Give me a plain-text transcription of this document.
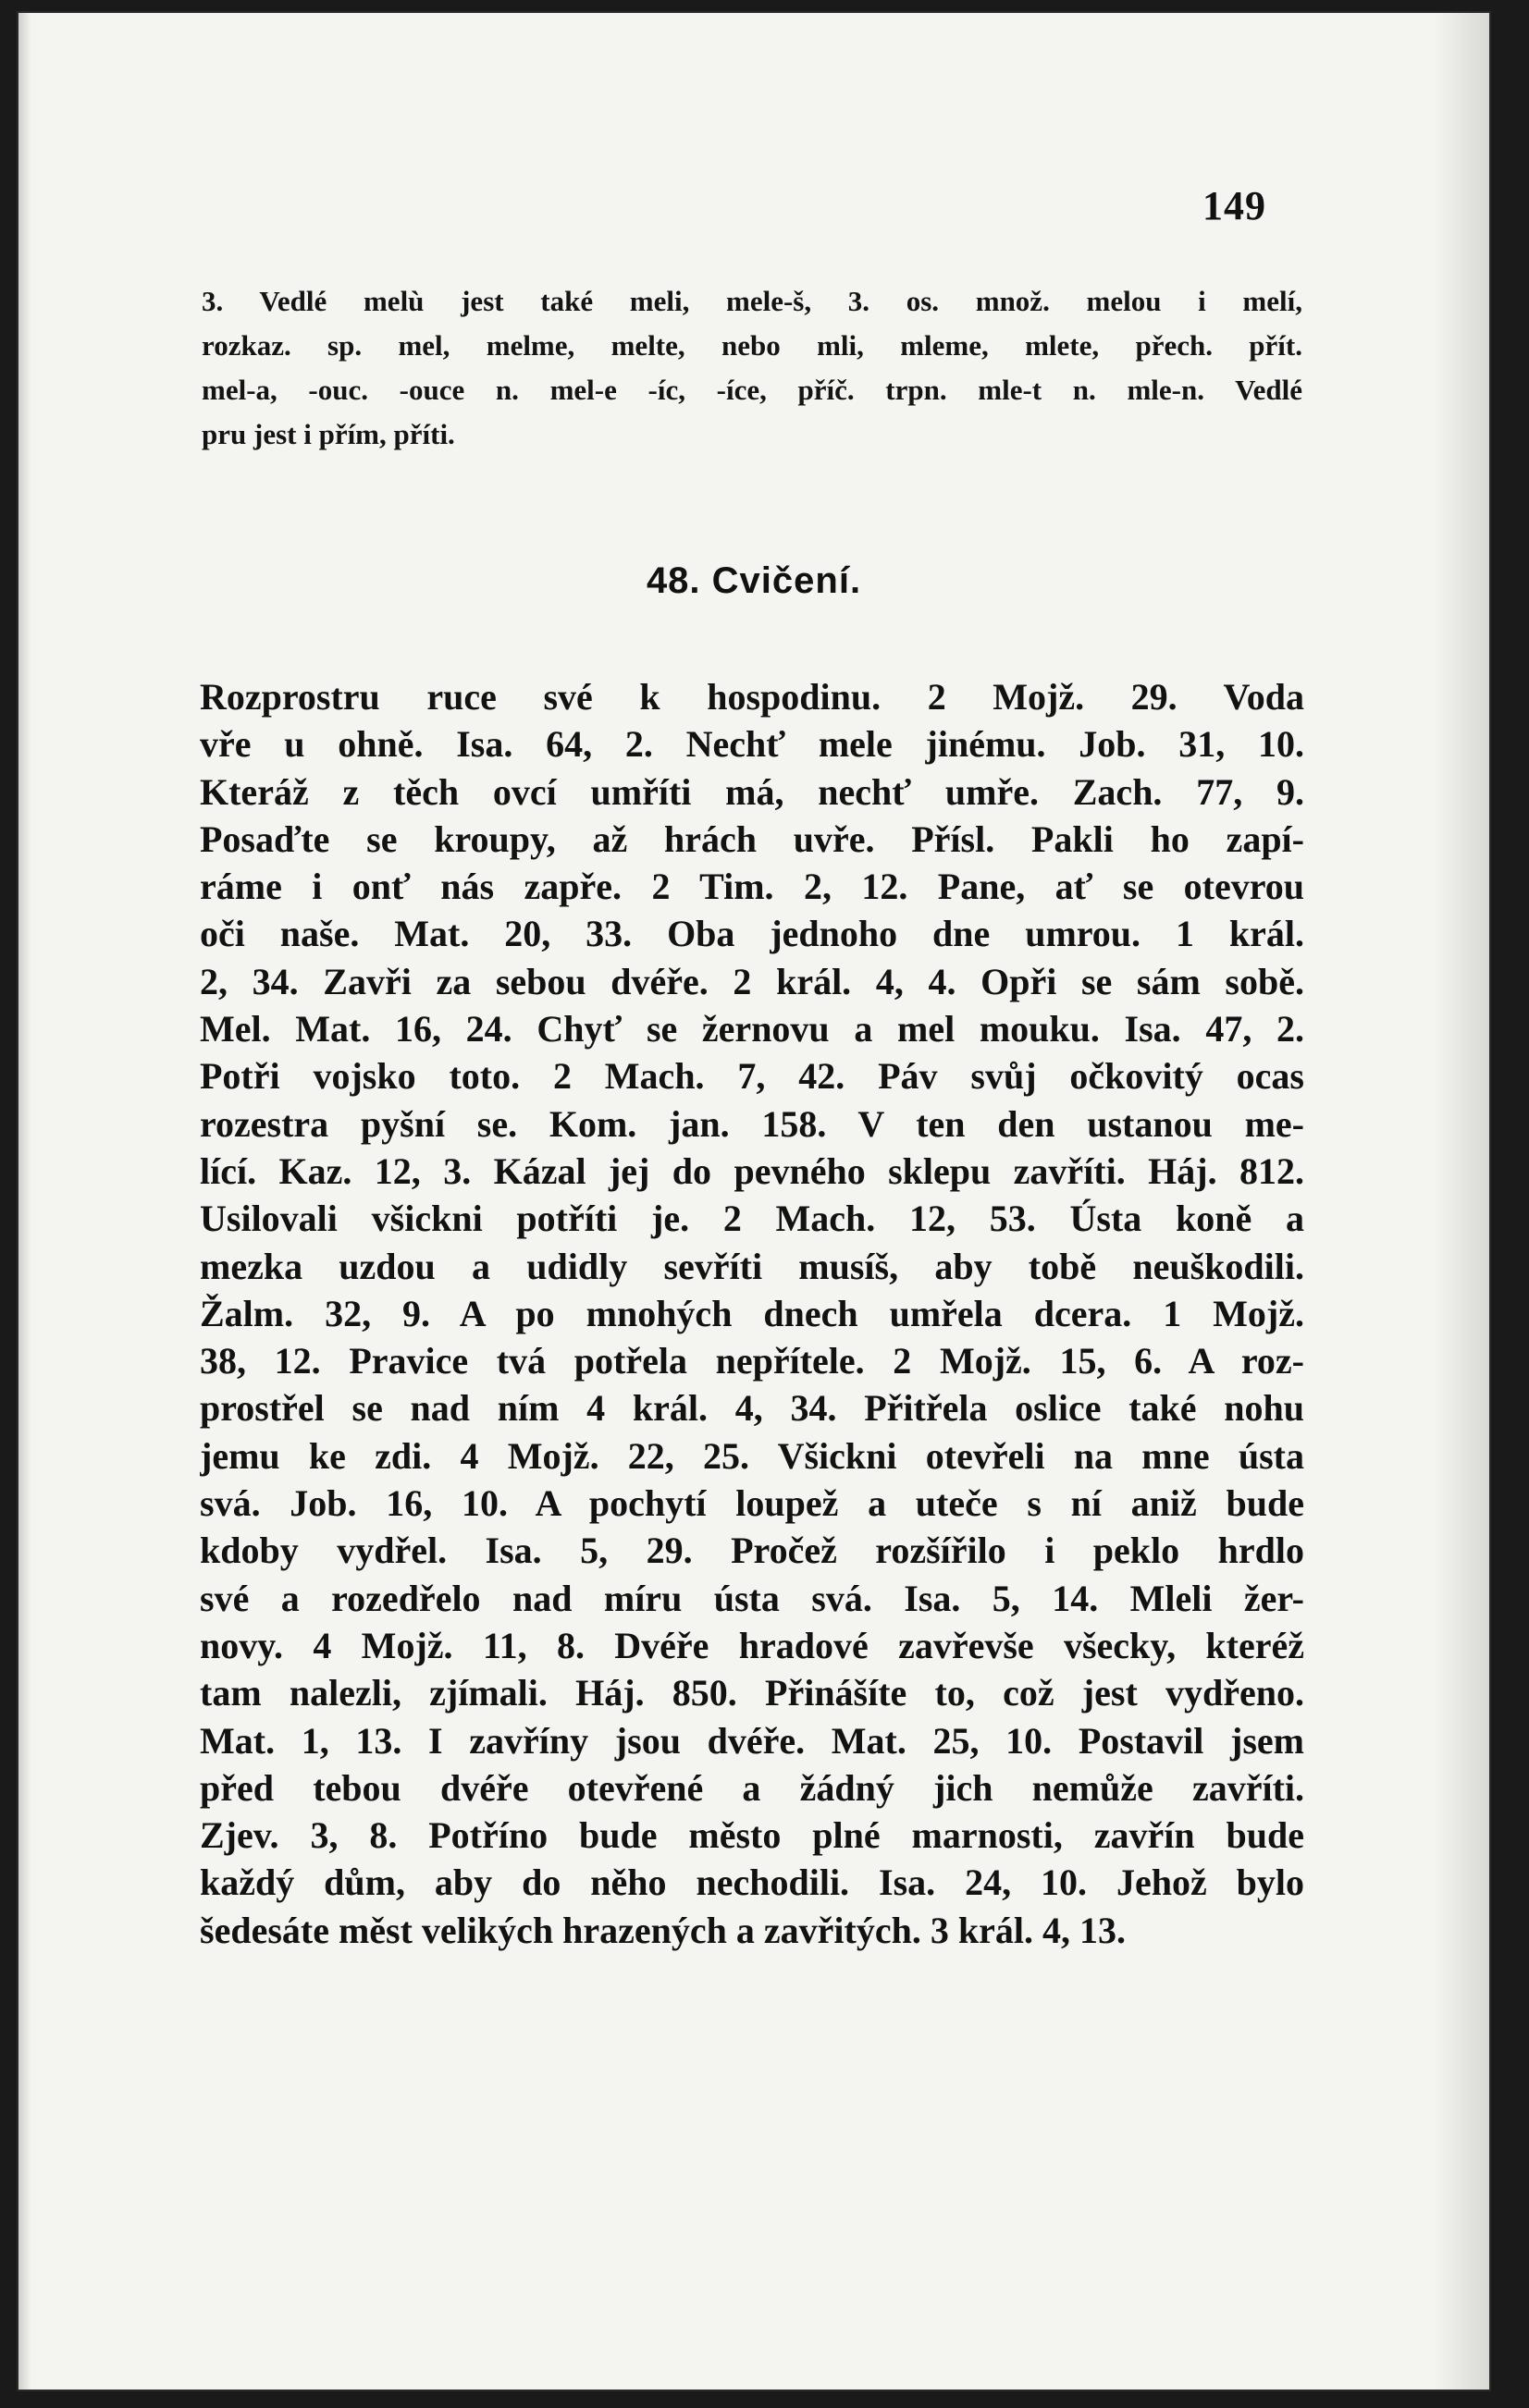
149
3. Vedlé melù jest také meli, mele-š, 3. os. množ. melou i melí,
rozkaz. sp. mel, melme, melte, nebo mli, mleme, mlete, přech. přít.
mel-a, -ouc. -ouce n. mel-e -íc, -íce, příč. trpn. mle-t n. mle-n. Vedlé
pru jest i přím, příti.
48. Cvičení.
Rozprostru ruce své k hospodinu. 2 Mojž. 29. Voda
vře u ohně. Isa. 64, 2. Nechť mele jinému. Job. 31, 10.
Kteráž z těch ovcí umříti má, nechť umře. Zach. 77, 9.
Posaďte se kroupy, až hrách uvře. Přísl. Pakli ho zapí-
ráme i onť nás zapře. 2 Tim. 2, 12. Pane, ať se otevrou
oči naše. Mat. 20, 33. Oba jednoho dne umrou. 1 král.
2, 34. Zavři za sebou dvéře. 2 král. 4, 4. Opři se sám sobě.
Mel. Mat. 16, 24. Chyť se žernovu a mel mouku. Isa. 47, 2.
Potři vojsko toto. 2 Mach. 7, 42. Páv svůj očkovitý ocas
rozestra pyšní se. Kom. jan. 158. V ten den ustanou me-
lící. Kaz. 12, 3. Kázal jej do pevného sklepu zavříti. Háj. 812.
Usilovali všickni potříti je. 2 Mach. 12, 53. Ústa koně a
mezka uzdou a udidly sevříti musíš, aby tobě neuškodili.
Žalm. 32, 9. A po mnohých dnech umřela dcera. 1 Mojž.
38, 12. Pravice tvá potřela nepřítele. 2 Mojž. 15, 6. A roz-
prostřel se nad ním 4 král. 4, 34. Přitřela oslice také nohu
jemu ke zdi. 4 Mojž. 22, 25. Všickni otevřeli na mne ústa
svá. Job. 16, 10. A pochytí loupež a uteče s ní aniž bude
kdoby vydřel. Isa. 5, 29. Pročež rozšířilo i peklo hrdlo
své a rozedřelo nad míru ústa svá. Isa. 5, 14. Mleli žer-
novy. 4 Mojž. 11, 8. Dvéře hradové zavřevše všecky, kteréž
tam nalezli, zjímali. Háj. 850. Přinášíte to, což jest vydřeno.
Mat. 1, 13. I zavříny jsou dvéře. Mat. 25, 10. Postavil jsem
před tebou dvéře otevřené a žádný jich nemůže zavříti.
Zjev. 3, 8. Potříno bude město plné marnosti, zavřín bude
každý dům, aby do něho nechodili. Isa. 24, 10. Jehož bylo
šedesáte měst velikých hrazených a zavřitých. 3 král. 4, 13.
